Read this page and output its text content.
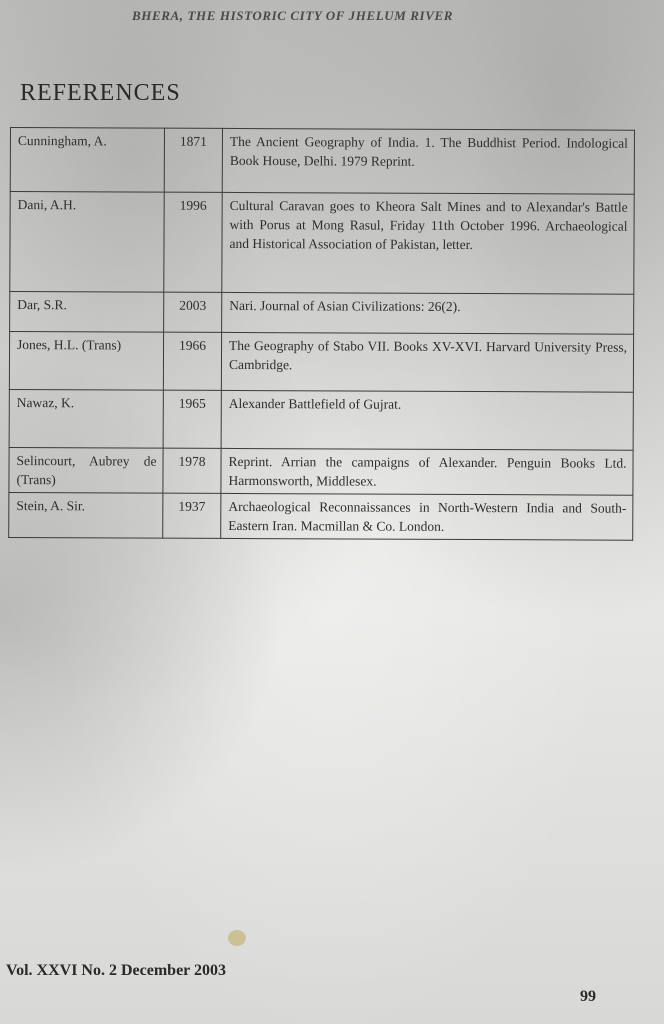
BHERA, THE HISTORIC CITY OF JHELUM RIVER
REFERENCES
Cunningham, A.	1871	The Ancient Geography of India. 1. The Buddhist Period. Indological Book House, Delhi. 1979 Reprint.
Dani, A.H.	1996	Cultural Caravan goes to Kheora Salt Mines and to Alexandar's Battle with Porus at Mong Rasul, Friday 11th October 1996. Archaeological and Historical Association of Pakistan, letter.
Dar, S.R.	2003	Nari. Journal of Asian Civilizations: 26(2).
Jones, H.L. (Trans)	1966	The Geography of Stabo VII. Books XV-XVI. Harvard University Press, Cambridge.
Nawaz, K.	1965	Alexander Battlefield of Gujrat.
Selincourt, Aubrey de (Trans)	1978	Reprint. Arrian the campaigns of Alexander. Penguin Books Ltd. Harmonsworth, Middlesex.
Stein, A. Sir.	1937	Archaeological Reconnaissances in North-Western India and South-Eastern Iran. Macmillan & Co. London.
Vol. XXVI No. 2 December 2003
99
